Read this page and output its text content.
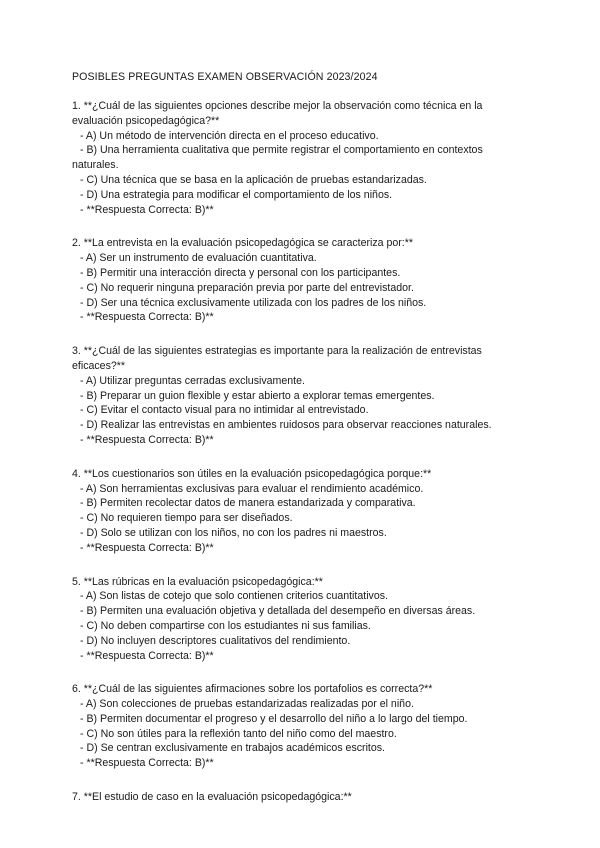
POSIBLES PREGUNTAS EXAMEN OBSERVACIÓN 2023/2024
1. **¿Cuál de las siguientes opciones describe mejor la observación como técnica en la
evaluación psicopedagógica?**
- A) Un método de intervención directa en el proceso educativo.
- B) Una herramienta cualitativa que permite registrar el comportamiento en contextos
naturales.
- C) Una técnica que se basa en la aplicación de pruebas estandarizadas.
- D) Una estrategia para modificar el comportamiento de los niños.
- **Respuesta Correcta: B)**
2. **La entrevista en la evaluación psicopedagógica se caracteriza por:**
- A) Ser un instrumento de evaluación cuantitativa.
- B) Permitir una interacción directa y personal con los participantes.
- C) No requerir ninguna preparación previa por parte del entrevistador.
- D) Ser una técnica exclusivamente utilizada con los padres de los niños.
- **Respuesta Correcta: B)**
3. **¿Cuál de las siguientes estrategias es importante para la realización de entrevistas
eficaces?**
- A) Utilizar preguntas cerradas exclusivamente.
- B) Preparar un guion flexible y estar abierto a explorar temas emergentes.
- C) Evitar el contacto visual para no intimidar al entrevistado.
- D) Realizar las entrevistas en ambientes ruidosos para observar reacciones naturales.
- **Respuesta Correcta: B)**
4. **Los cuestionarios son útiles en la evaluación psicopedagógica porque:**
- A) Son herramientas exclusivas para evaluar el rendimiento académico.
- B) Permiten recolectar datos de manera estandarizada y comparativa.
- C) No requieren tiempo para ser diseñados.
- D) Solo se utilizan con los niños, no con los padres ni maestros.
- **Respuesta Correcta: B)**
5. **Las rúbricas en la evaluación psicopedagógica:**
- A) Son listas de cotejo que solo contienen criterios cuantitativos.
- B) Permiten una evaluación objetiva y detallada del desempeño en diversas áreas.
- C) No deben compartirse con los estudiantes ni sus familias.
- D) No incluyen descriptores cualitativos del rendimiento.
- **Respuesta Correcta: B)**
6. **¿Cuál de las siguientes afirmaciones sobre los portafolios es correcta?**
- A) Son colecciones de pruebas estandarizadas realizadas por el niño.
- B) Permiten documentar el progreso y el desarrollo del niño a lo largo del tiempo.
- C) No son útiles para la reflexión tanto del niño como del maestro.
- D) Se centran exclusivamente en trabajos académicos escritos.
- **Respuesta Correcta: B)**
7. **El estudio de caso en la evaluación psicopedagógica:**
